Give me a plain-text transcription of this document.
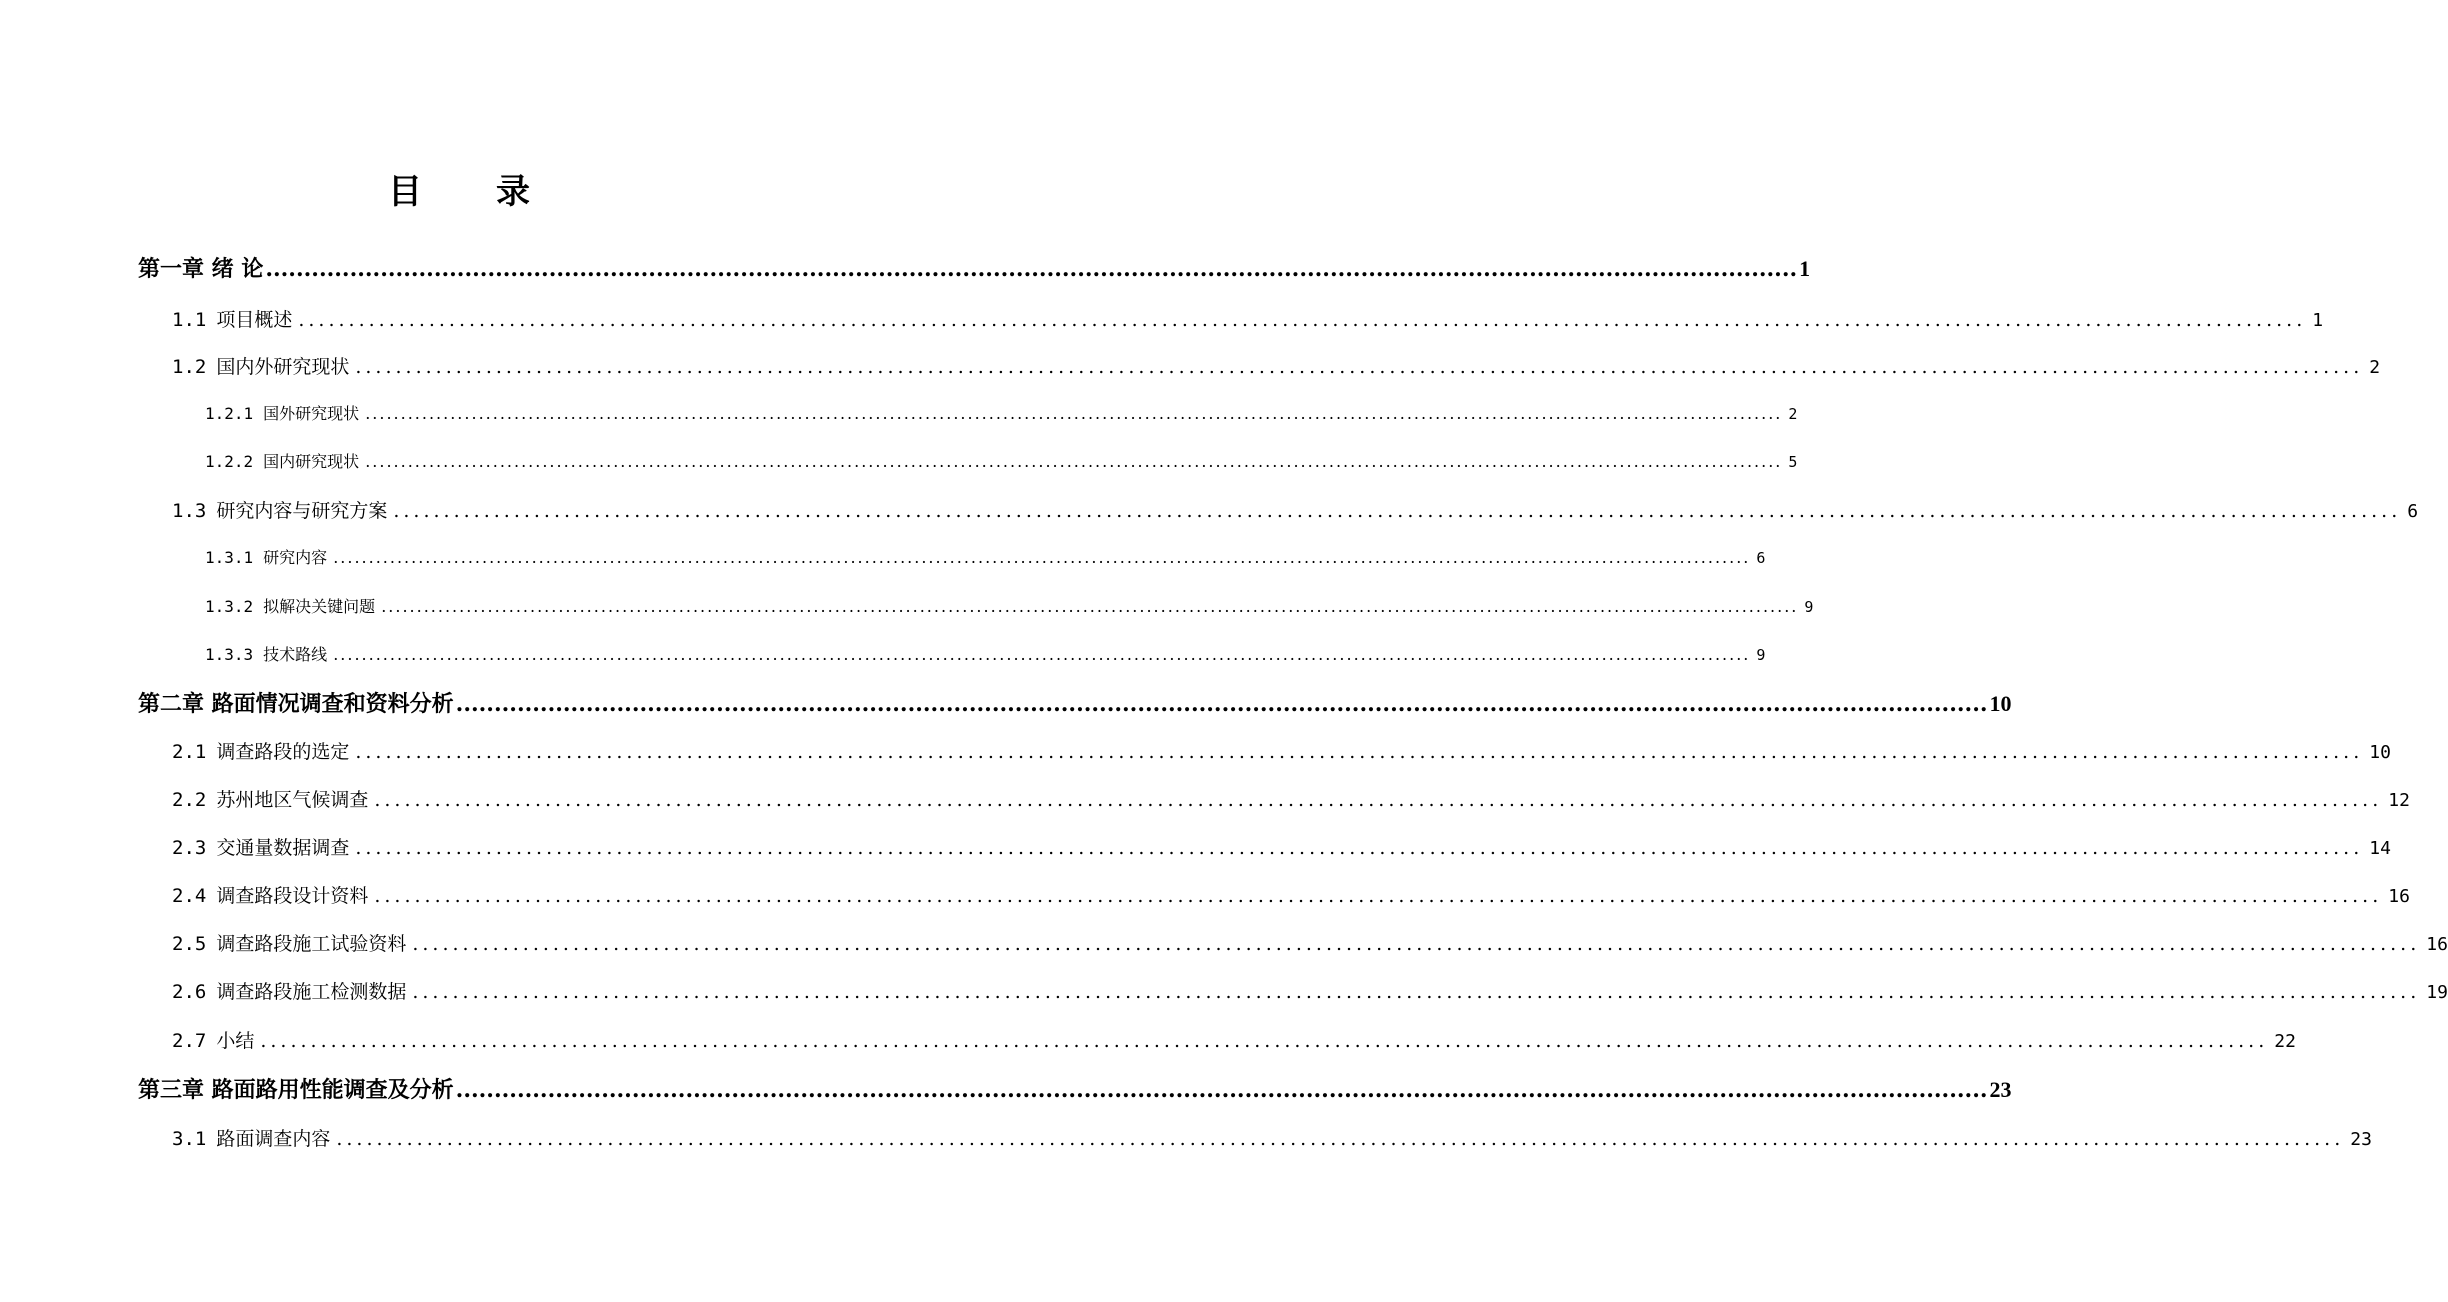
目　　录
第一章 绪 论 ........................................................................................................................................................................................................ 1
1.1 项目概述 ........................................................................................................................................................................................................ 1
1.2 国内外研究现状 ........................................................................................................................................................................................................ 2
1.2.1 国外研究现状 ........................................................................................................................................................................................................ 2
1.2.2 国内研究现状 ........................................................................................................................................................................................................ 5
1.3 研究内容与研究方案 ........................................................................................................................................................................................................ 6
1.3.1 研究内容 ........................................................................................................................................................................................................ 6
1.3.2 拟解决关键问题 ........................................................................................................................................................................................................ 9
1.3.3 技术路线 ........................................................................................................................................................................................................ 9
第二章 路面情况调查和资料分析 ........................................................................................................................................................................................................ 10
2.1 调查路段的选定 ........................................................................................................................................................................................................ 10
2.2 苏州地区气候调查 ........................................................................................................................................................................................................ 12
2.3 交通量数据调查 ........................................................................................................................................................................................................ 14
2.4 调查路段设计资料 ........................................................................................................................................................................................................ 16
2.5 调查路段施工试验资料 ........................................................................................................................................................................................................ 16
2.6 调查路段施工检测数据 ........................................................................................................................................................................................................ 19
2.7 小结 ........................................................................................................................................................................................................ 22
第三章 路面路用性能调查及分析 ........................................................................................................................................................................................................ 23
3.1 路面调查内容 ........................................................................................................................................................................................................ 23
